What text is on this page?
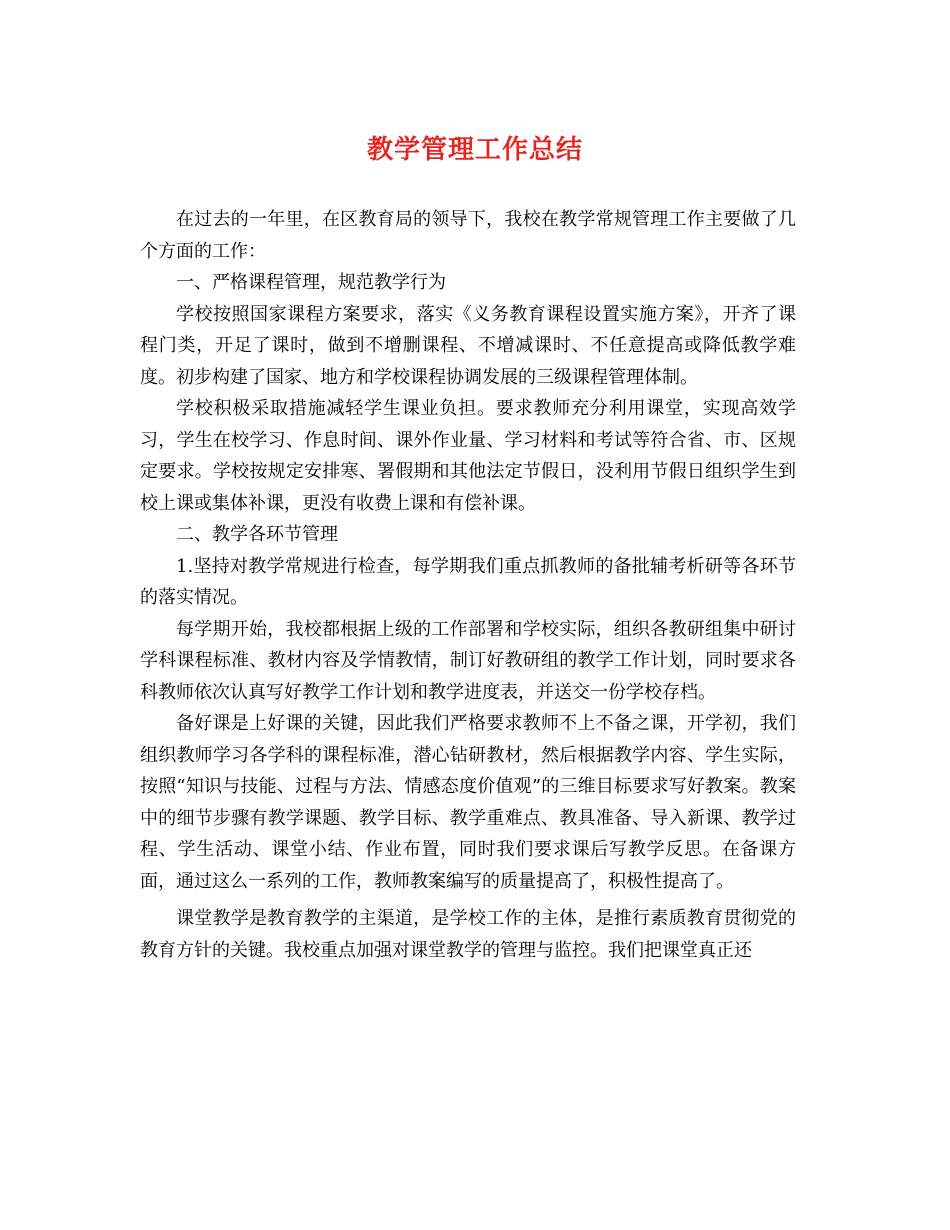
教学管理工作总结

在过去的一年里，在区教育局的领导下，我校在教学常规管理工作主要做了几个方面的工作：

一、严格课程管理，规范教学行为

学校按照国家课程方案要求，落实《义务教育课程设置实施方案》，开齐了课程门类，开足了课时，做到不增删课程、不增减课时、不任意提高或降低教学难度。初步构建了国家、地方和学校课程协调发展的三级课程管理体制。

学校积极采取措施减轻学生课业负担。要求教师充分利用课堂，实现高效学习，学生在校学习、作息时间、课外作业量、学习材料和考试等符合省、市、区规定要求。学校按规定安排寒、署假期和其他法定节假日，没利用节假日组织学生到校上课或集体补课，更没有收费上课和有偿补课。

二、教学各环节管理

1.坚持对教学常规进行检查，每学期我们重点抓教师的备批辅考析研等各环节的落实情况。

每学期开始，我校都根据上级的工作部署和学校实际，组织各教研组集中研讨学科课程标准、教材内容及学情教情，制订好教研组的教学工作计划，同时要求各科教师依次认真写好教学工作计划和教学进度表，并送交一份学校存档。

备好课是上好课的关键，因此我们严格要求教师不上不备之课，开学初，我们组织教师学习各学科的课程标准，潜心钻研教材，然后根据教学内容、学生实际，按照“知识与技能、过程与方法、情感态度价值观”的三维目标要求写好教案。教案中的细节步骤有教学课题、教学目标、教学重难点、教具准备、导入新课、教学过程、学生活动、课堂小结、作业布置，同时我们要求课后写教学反思。在备课方面，通过这么一系列的工作，教师教案编写的质量提高了，积极性提高了。

课堂教学是教育教学的主渠道，是学校工作的主体，是推行素质教育贯彻党的教育方针的关键。我校重点加强对课堂教学的管理与监控。我们把课堂真正还
